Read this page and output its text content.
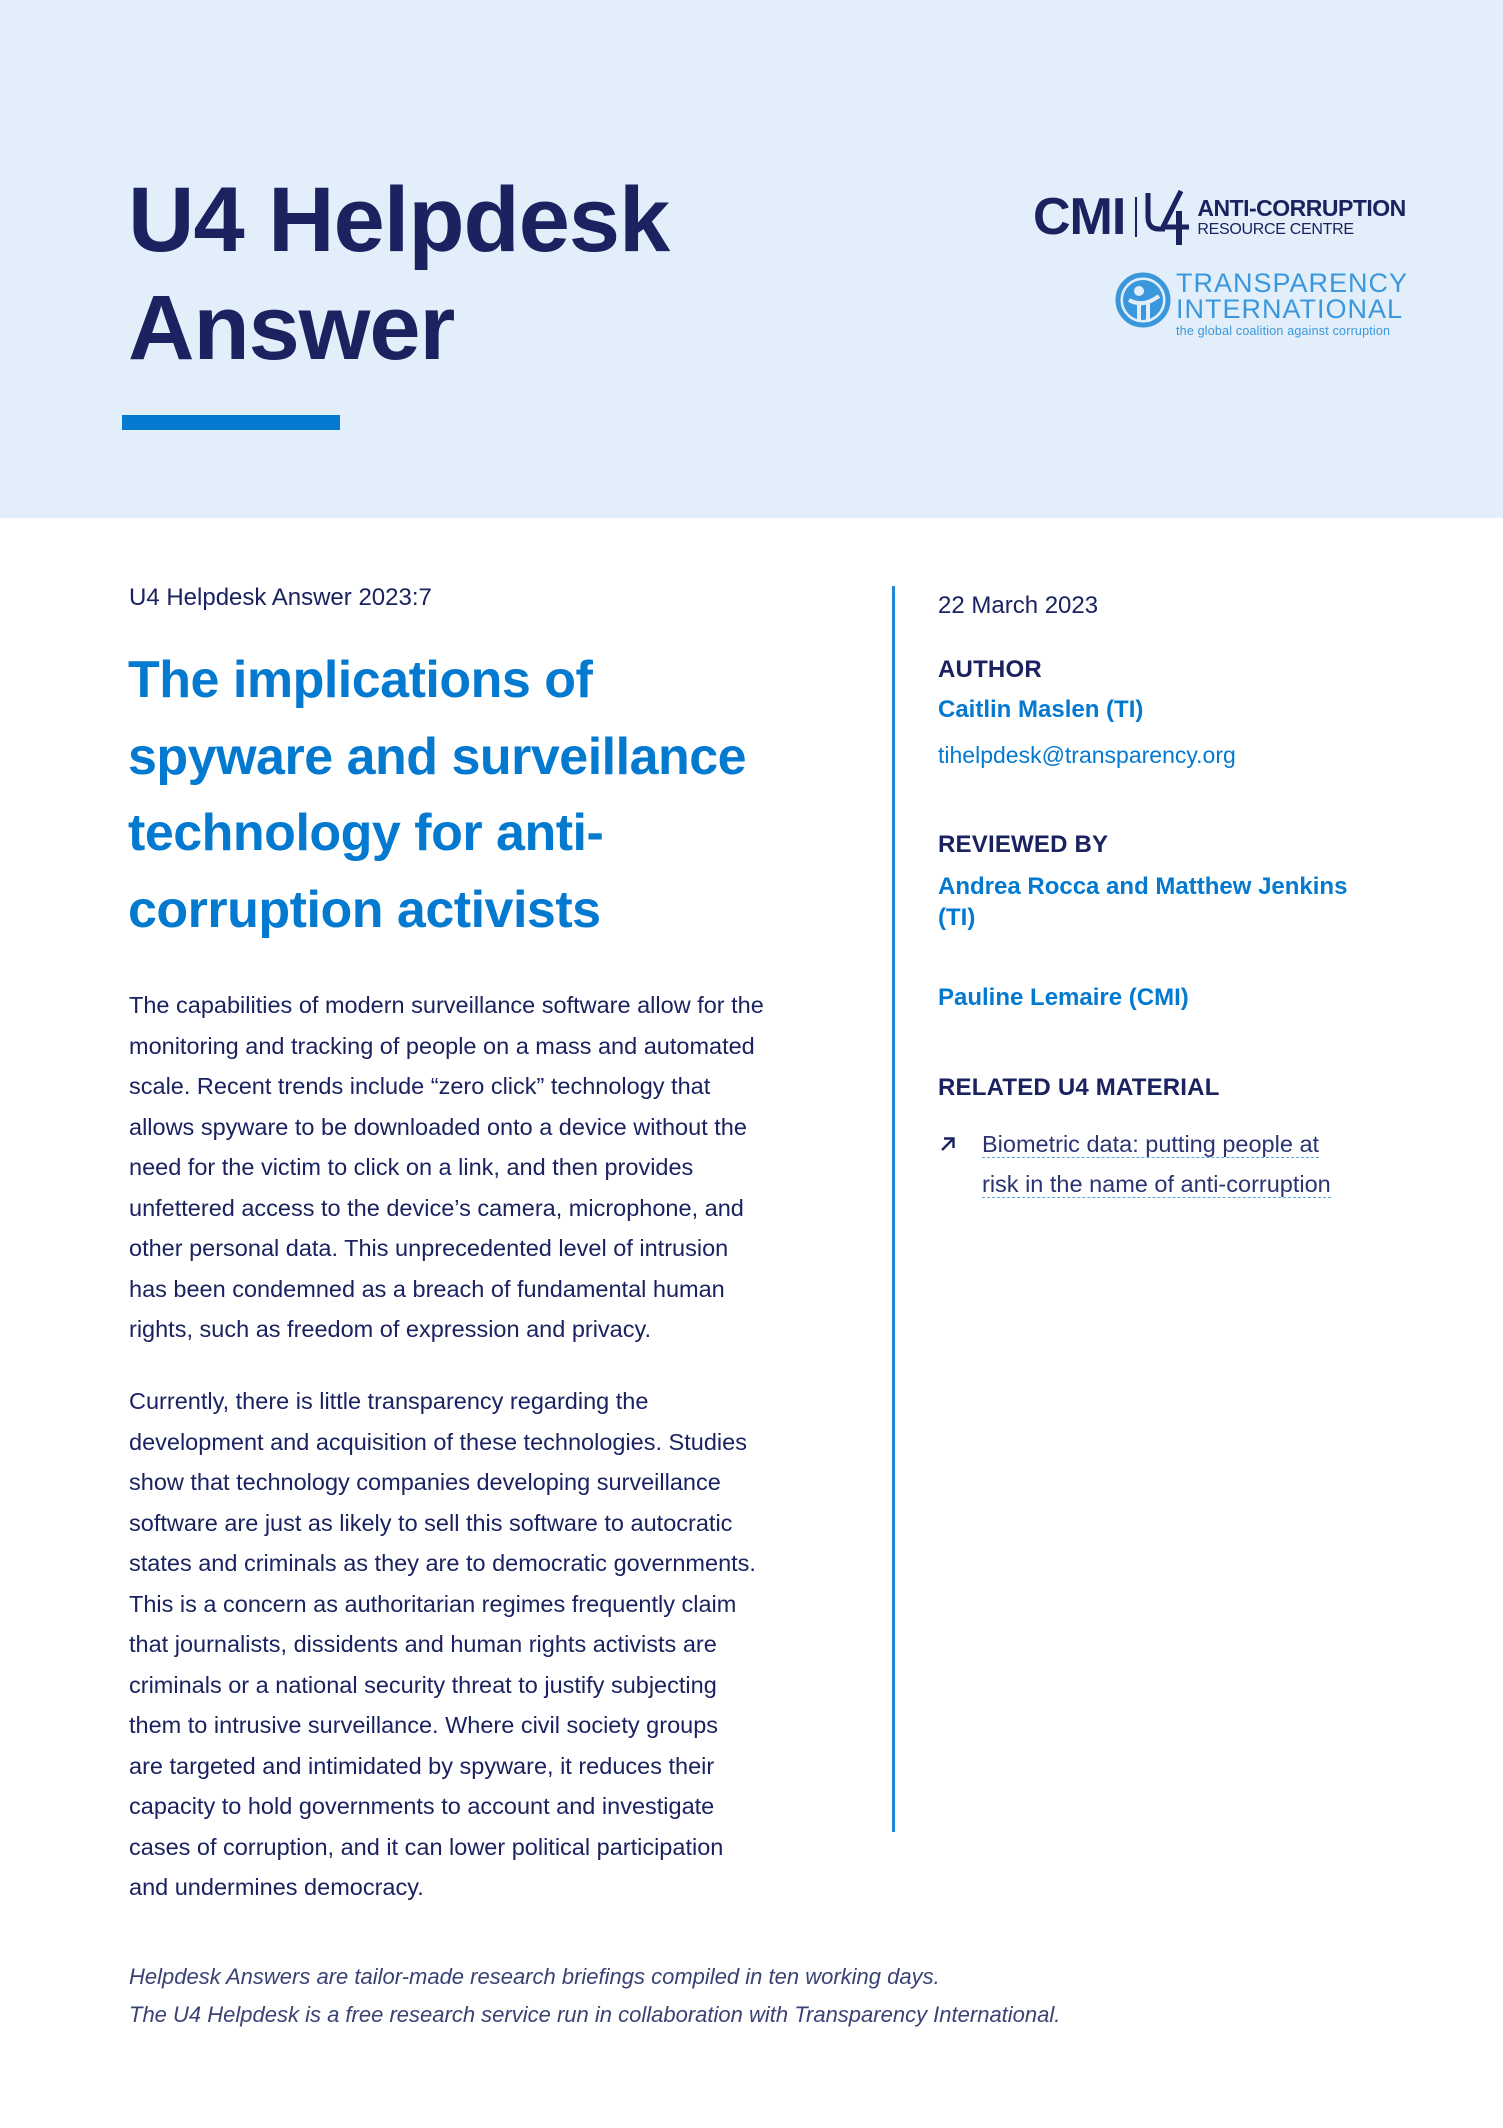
U4 Helpdesk
Answer
CMI	ANTI-CORRUPTION
RESOURCE CENTRE
TRANSPARENCY
INTERNATIONAL
the global coalition against corruption

U4 Helpdesk Answer 2023:7

The implications of
spyware and surveillance
technology for anti-
corruption activists

The capabilities of modern surveillance software allow for the
monitoring and tracking of people on a mass and automated
scale. Recent trends include “zero click” technology that
allows spyware to be downloaded onto a device without the
need for the victim to click on a link, and then provides
unfettered access to the device’s camera, microphone, and
other personal data. This unprecedented level of intrusion
has been condemned as a breach of fundamental human
rights, such as freedom of expression and privacy.

Currently, there is little transparency regarding the
development and acquisition of these technologies. Studies
show that technology companies developing surveillance
software are just as likely to sell this software to autocratic
states and criminals as they are to democratic governments.
This is a concern as authoritarian regimes frequently claim
that journalists, dissidents and human rights activists are
criminals or a national security threat to justify subjecting
them to intrusive surveillance. Where civil society groups
are targeted and intimidated by spyware, it reduces their
capacity to hold governments to account and investigate
cases of corruption, and it can lower political participation
and undermines democracy.

22 March 2023

AUTHOR

Caitlin Maslen (TI)

tihelpdesk@transparency.org

REVIEWED BY

Andrea Rocca and Matthew Jenkins
(TI)

Pauline Lemaire (CMI)

RELATED U4 MATERIAL

Biometric data: putting people at
risk in the name of anti-corruption

Helpdesk Answers are tailor-made research briefings compiled in ten working days.
The U4 Helpdesk is a free research service run in collaboration with Transparency International.
